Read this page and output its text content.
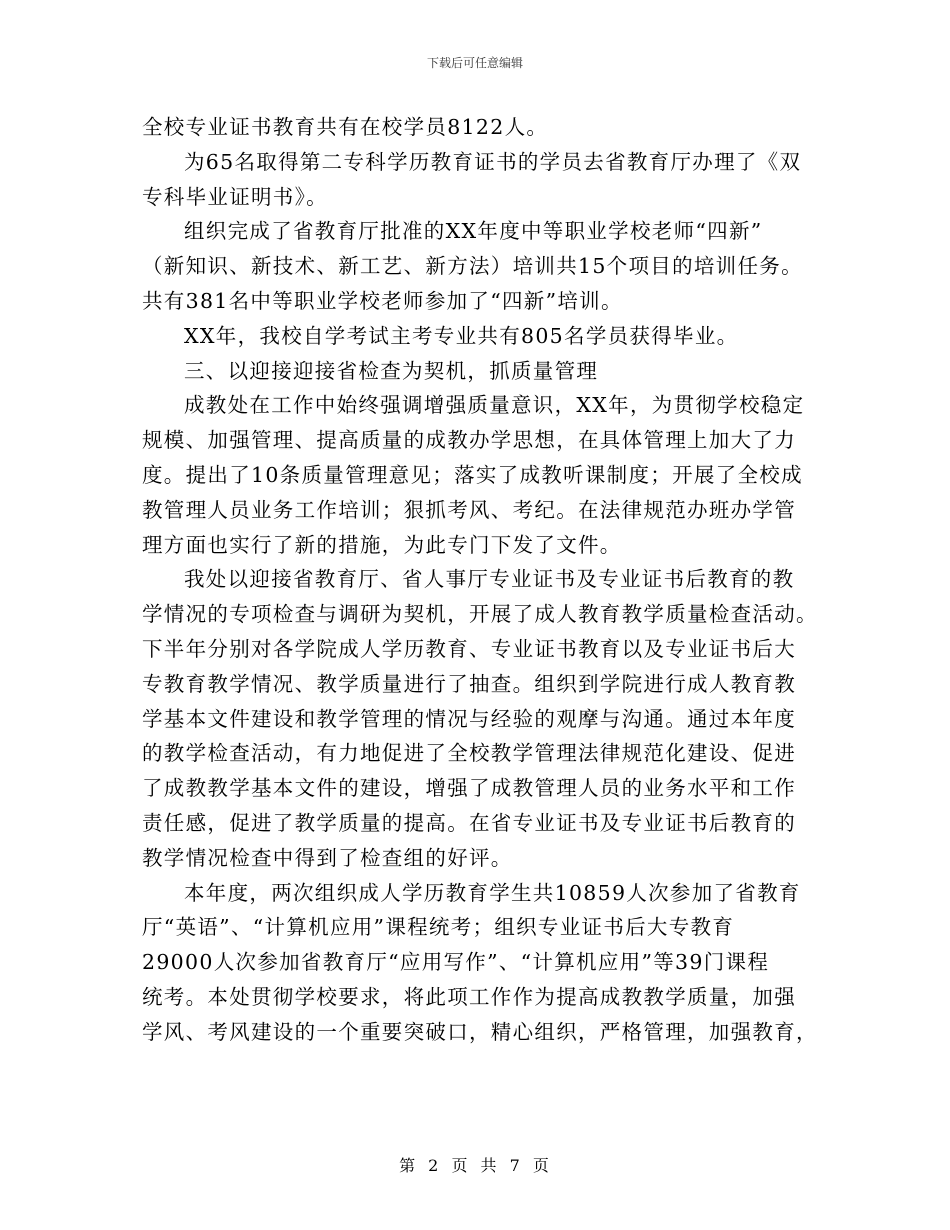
下载后可任意编辑
全校专业证书教育共有在校学员8122人。
为65名取得第二专科学历教育证书的学员去省教育厅办理了《双
专科毕业证明书》。
组织完成了省教育厅批准的XX年度中等职业学校老师“四新”
（新知识、新技术、新工艺、新方法）培训共15个项目的培训任务。
共有381名中等职业学校老师参加了“四新”培训。
XX年，我校自学考试主考专业共有805名学员获得毕业。
三、以迎接迎接省检查为契机，抓质量管理
成教处在工作中始终强调增强质量意识，XX年，为贯彻学校稳定
规模、加强管理、提高质量的成教办学思想，在具体管理上加大了力
度。提出了10条质量管理意见；落实了成教听课制度；开展了全校成
教管理人员业务工作培训；狠抓考风、考纪。在法律规范办班办学管
理方面也实行了新的措施，为此专门下发了文件。
我处以迎接省教育厅、省人事厅专业证书及专业证书后教育的教
学情况的专项检查与调研为契机，开展了成人教育教学质量检查活动。
下半年分别对各学院成人学历教育、专业证书教育以及专业证书后大
专教育教学情况、教学质量进行了抽查。组织到学院进行成人教育教
学基本文件建设和教学管理的情况与经验的观摩与沟通。通过本年度
的教学检查活动，有力地促进了全校教学管理法律规范化建设、促进
了成教教学基本文件的建设，增强了成教管理人员的业务水平和工作
责任感，促进了教学质量的提高。在省专业证书及专业证书后教育的
教学情况检查中得到了检查组的好评。
本年度，两次组织成人学历教育学生共10859人次参加了省教育
厅“英语”、“计算机应用”课程统考；组织专业证书后大专教育
29000人次参加省教育厅“应用写作”、“计算机应用”等39门课程
统考。本处贯彻学校要求，将此项工作作为提高成教教学质量，加强
学风、考风建设的一个重要突破口，精心组织，严格管理，加强教育，
第 2 页 共 7 页
